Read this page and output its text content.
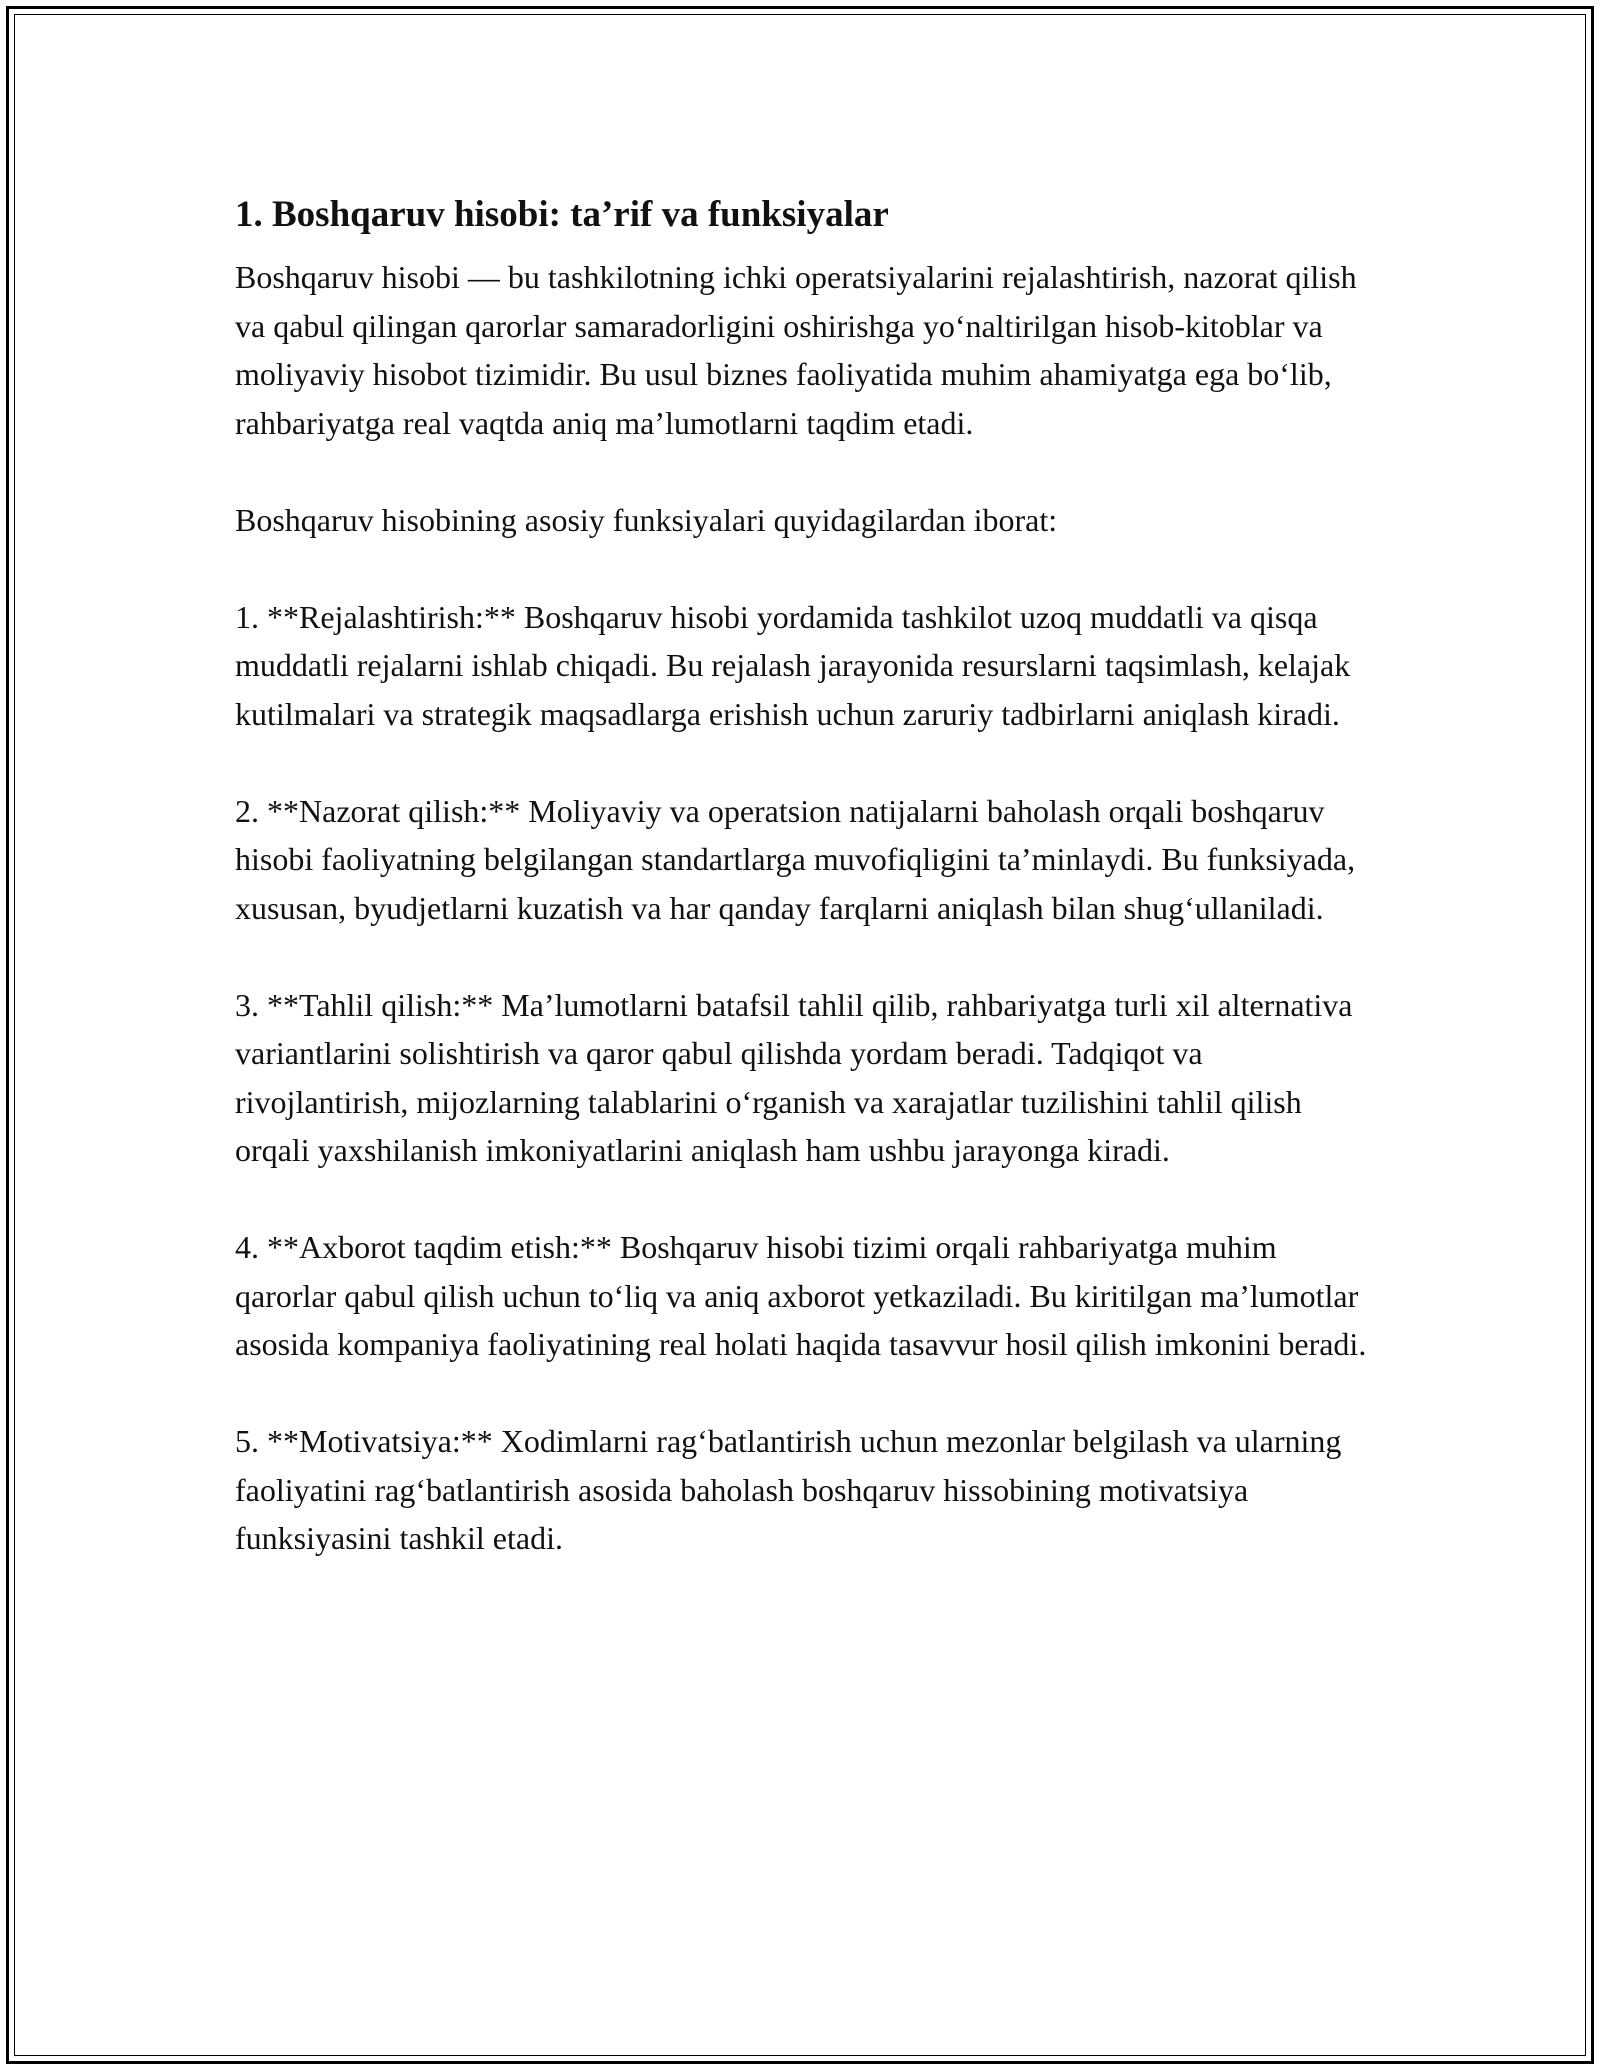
1. Boshqaruv hisobi: ta’rif va funksiyalar

Boshqaruv hisobi — bu tashkilotning ichki operatsiyalarini rejalashtirish, nazorat qilish va qabul qilingan qarorlar samaradorligini oshirishga yo‘naltirilgan hisob-kitoblar va moliyaviy hisobot tizimidir. Bu usul biznes faoliyatida muhim ahamiyatga ega bo‘lib, rahbariyatga real vaqtda aniq ma’lumotlarni taqdim etadi.

Boshqaruv hisobining asosiy funksiyalari quyidagilardan iborat:

1. **Rejalashtirish:** Boshqaruv hisobi yordamida tashkilot uzoq muddatli va qisqa muddatli rejalarni ishlab chiqadi. Bu rejalash jarayonida resurslarni taqsimlash, kelajak kutilmalari va strategik maqsadlarga erishish uchun zaruriy tadbirlarni aniqlash kiradi.

2. **Nazorat qilish:** Moliyaviy va operatsion natijalarni baholash orqali boshqaruv hisobi faoliyatning belgilangan standartlarga muvofiqligini ta’minlaydi. Bu funksiyada, xususan, byudjetlarni kuzatish va har qanday farqlarni aniqlash bilan shug‘ullaniladi.

3. **Tahlil qilish:** Ma’lumotlarni batafsil tahlil qilib, rahbariyatga turli xil alternativa variantlarini solishtirish va qaror qabul qilishda yordam beradi. Tadqiqot va rivojlantirish, mijozlarning talablarini o‘rganish va xarajatlar tuzilishini tahlil qilish orqali yaxshilanish imkoniyatlarini aniqlash ham ushbu jarayonga kiradi.

4. **Axborot taqdim etish:** Boshqaruv hisobi tizimi orqali rahbariyatga muhim qarorlar qabul qilish uchun to‘liq va aniq axborot yetkaziladi. Bu kiritilgan ma’lumotlar asosida kompaniya faoliyatining real holati haqida tasavvur hosil qilish imkonini beradi.

5. **Motivatsiya:** Xodimlarni rag‘batlantirish uchun mezonlar belgilash va ularning faoliyatini rag‘batlantirish asosida baholash boshqaruv hissobining motivatsiya funksiyasini tashkil etadi.
